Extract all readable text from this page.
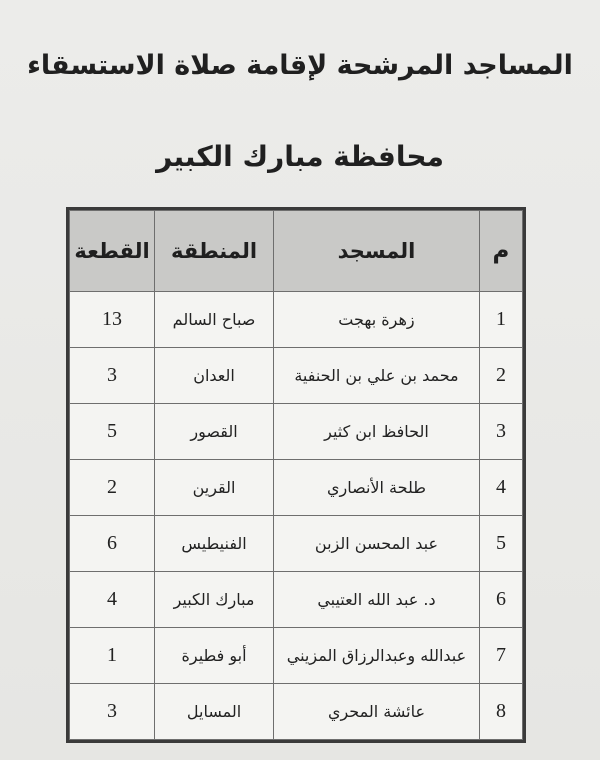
المساجد المرشحة لإقامة صلاة الاستسقاء
محافظة مبارك الكبير
م	المسجد	المنطقة	القطعة
1	زهرة بهجت	صباح السالم	13
2	محمد بن علي بن الحنفية	العدان	3
3	الحافظ ابن كثير	القصور	5
4	طلحة الأنصاري	القرين	2
5	عبد المحسن الزبن	الفنيطيس	6
6	د. عبد الله العتيبي	مبارك الكبير	4
7	عبدالله وعبدالرزاق المزيني	أبو فطيرة	1
8	عائشة المحري	المسايل	3
